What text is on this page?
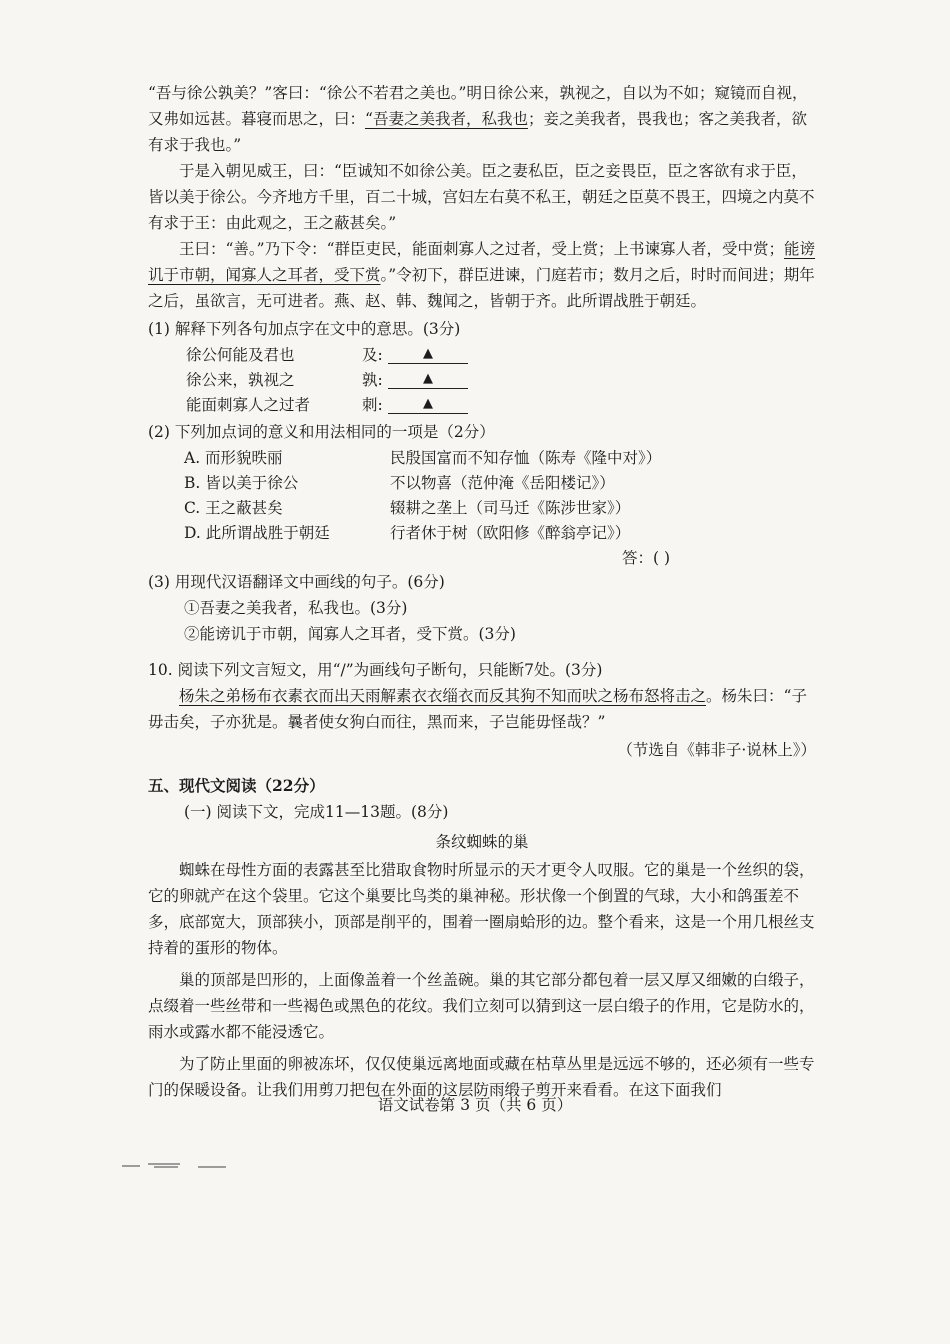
“吾与徐公孰美？”客曰：“徐公不若君之美也。”明日徐公来，孰视之，自以为不如；窥镜而自视，又弗如远甚。暮寝而思之，曰：“吾妻之美我者，私我也；妾之美我者，畏我也；客之美我者，欲有求于我也。”

于是入朝见威王，曰：“臣诚知不如徐公美。臣之妻私臣，臣之妾畏臣，臣之客欲有求于臣，皆以美于徐公。今齐地方千里，百二十城，宫妇左右莫不私王，朝廷之臣莫不畏王，四境之内莫不有求于王：由此观之，王之蔽甚矣。”

王曰：“善。”乃下令：“群臣吏民，能面刺寡人之过者，受上赏；上书谏寡人者，受中赏；能谤讥于市朝，闻寡人之耳者，受下赏。”令初下，群臣进谏，门庭若市；数月之后，时时而间进；期年之后，虽欲言，无可进者。燕、赵、韩、魏闻之，皆朝于齐。此所谓战胜于朝廷。

(1) 解释下列各句加点字在文中的意思。(3分)

徐公何能及君也	及:	▲
徐公来，孰视之	孰:	▲
能面刺寡人之过者	刺:	▲

(2) 下列加点词的意义和用法相同的一项是（2分）

A. 而形貌昳丽	民殷国富而不知存恤（陈寿《隆中对》）
B. 皆以美于徐公	不以物喜（范仲淹《岳阳楼记》）
C. 王之蔽甚矣	辍耕之垄上（司马迁《陈涉世家》）
D. 此所谓战胜于朝廷	行者休于树（欧阳修《醉翁亭记》）

答：( )

(3) 用现代汉语翻译文中画线的句子。(6分)

①吾妻之美我者，私我也。(3分)

②能谤讥于市朝，闻寡人之耳者，受下赏。(3分)

10. 阅读下列文言短文，用“/”为画线句子断句，只能断7处。(3分)

杨朱之弟杨布衣素衣而出天雨解素衣衣缁衣而反其狗不知而吠之杨布怒将击之。杨朱曰：“子毋击矣，子亦犹是。曩者使女狗白而往，黑而来，子岂能毋怪哉？”

（节选自《韩非子·说林上》）

五、现代文阅读（22分）

(一) 阅读下文，完成11—13题。(8分)

条纹蜘蛛的巢

蜘蛛在母性方面的表露甚至比猎取食物时所显示的天才更令人叹服。它的巢是一个丝织的袋，它的卵就产在这个袋里。它这个巢要比鸟类的巢神秘。形状像一个倒置的气球，大小和鸽蛋差不多，底部宽大，顶部狭小，顶部是削平的，围着一圈扇蛤形的边。整个看来，这是一个用几根丝支持着的蛋形的物体。

巢的顶部是凹形的，上面像盖着一个丝盖碗。巢的其它部分都包着一层又厚又细嫩的白缎子，点缀着一些丝带和一些褐色或黑色的花纹。我们立刻可以猜到这一层白缎子的作用，它是防水的，雨水或露水都不能浸透它。

为了防止里面的卵被冻坏，仅仅使巢远离地面或藏在枯草丛里是远远不够的，还必须有一些专门的保暖设备。让我们用剪刀把包在外面的这层防雨缎子剪开来看看。在这下面我们

语文试卷第 3 页（共 6 页）
